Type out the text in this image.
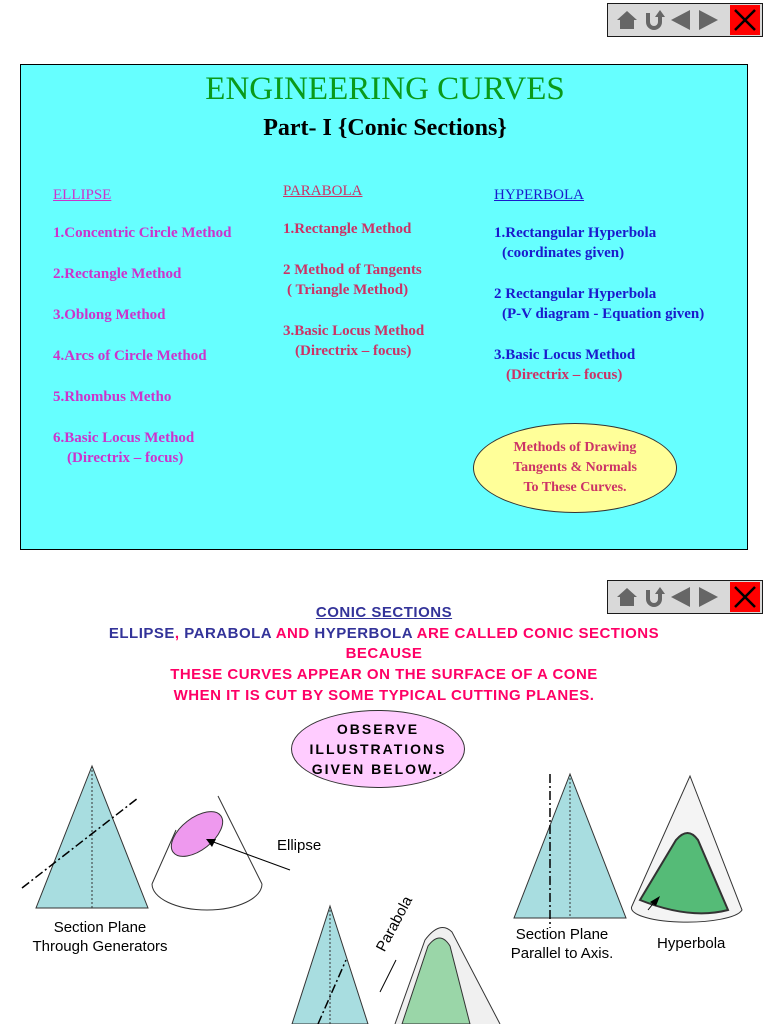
ENGINEERING CURVES
Part- I {Conic Sections}
ELLIPSE
1.Concentric Circle Method
2.Rectangle Method
3.Oblong Method
4.Arcs of Circle Method
5.Rhombus Metho
6.Basic Locus Method
(Directrix – focus)
PARABOLA
1.Rectangle Method
2 Method of Tangents
( Triangle Method)
3.Basic Locus Method
(Directrix – focus)
HYPERBOLA
1.Rectangular Hyperbola
(coordinates given)
2 Rectangular Hyperbola
(P-V diagram - Equation given)
3.Basic Locus Method
(Directrix – focus)
Methods of Drawing
Tangents & Normals
To These Curves.
CONIC SECTIONS
ELLIPSE, PARABOLA AND HYPERBOLA ARE CALLED CONIC SECTIONS
BECAUSE
THESE CURVES APPEAR ON THE SURFACE OF A CONE
WHEN IT IS CUT BY SOME TYPICAL CUTTING PLANES.
OBSERVE
ILLUSTRATIONS
GIVEN BELOW..
Ellipse
Section Plane
Through Generators
Section Plane
Parallel to Axis.
Hyperbola
Parabola
